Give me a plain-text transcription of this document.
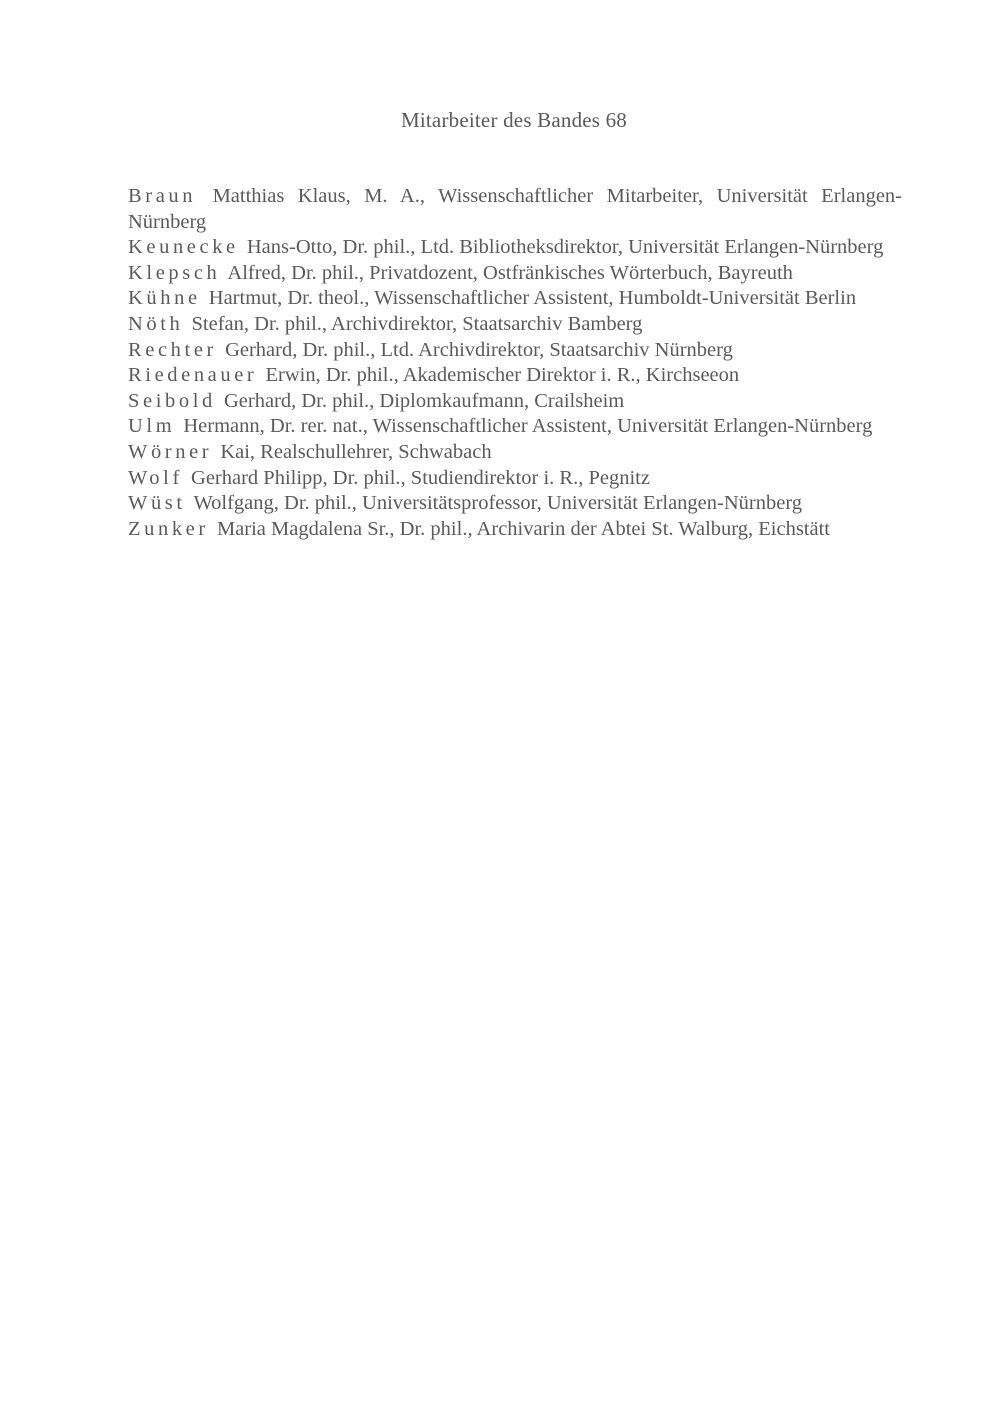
Mitarbeiter des Bandes 68

Braun Matthias Klaus, M. A., Wissenschaftlicher Mitarbeiter, Universität Erlangen-Nürnberg

Keunecke Hans-Otto, Dr. phil., Ltd. Bibliotheksdirektor, Universität Erlangen-Nürnberg

Klepsch Alfred, Dr. phil., Privatdozent, Ostfränkisches Wörterbuch, Bayreuth

Kühne Hartmut, Dr. theol., Wissenschaftlicher Assistent, Humboldt-Universität Berlin

Nöth Stefan, Dr. phil., Archivdirektor, Staatsarchiv Bamberg

Rechter Gerhard, Dr. phil., Ltd. Archivdirektor, Staatsarchiv Nürnberg

Riedenauer Erwin, Dr. phil., Akademischer Direktor i. R., Kirchseeon

Seibold Gerhard, Dr. phil., Diplomkaufmann, Crailsheim

Ulm Hermann, Dr. rer. nat., Wissenschaftlicher Assistent, Universität Erlangen-Nürnberg

Wörner Kai, Realschullehrer, Schwabach

Wolf Gerhard Philipp, Dr. phil., Studiendirektor i. R., Pegnitz

Wüst Wolfgang, Dr. phil., Universitätsprofessor, Universität Erlangen-Nürnberg

Zunker Maria Magdalena Sr., Dr. phil., Archivarin der Abtei St. Walburg, Eichstätt
